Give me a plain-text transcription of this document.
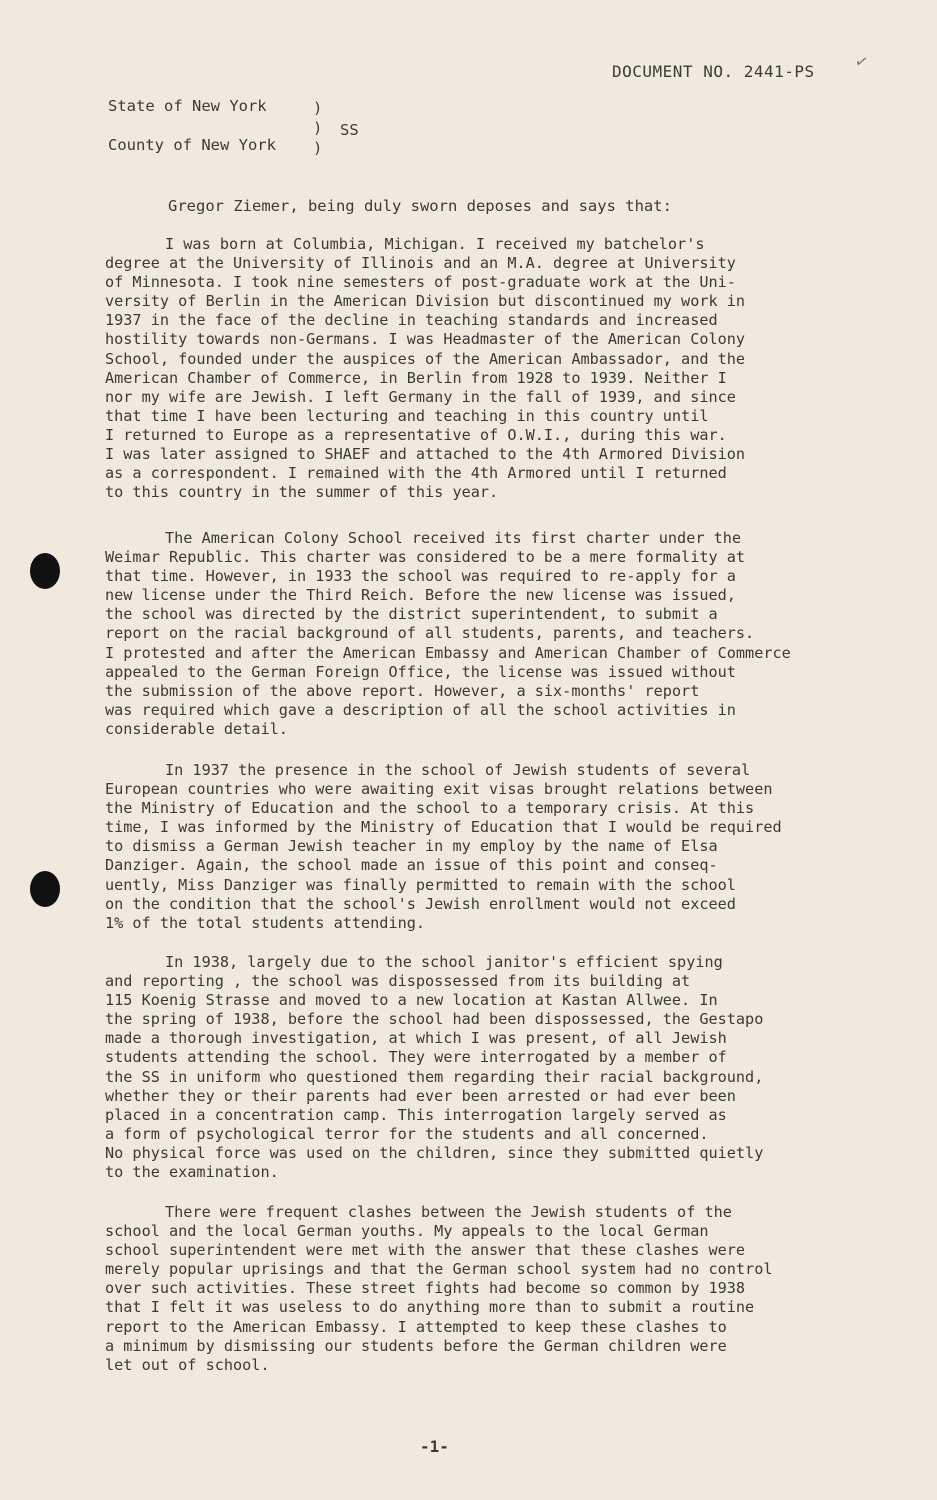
DOCUMENT NO. 2441-PS ✓
State of New York
County of New York
)
)
)
SS
Gregor Ziemer, being duly sworn deposes and says that:
I was born at Columbia, Michigan. I received my batchelor's
degree at the University of Illinois and an M.A. degree at University
of Minnesota. I took nine semesters of post-graduate work at the Uni-
versity of Berlin in the American Division but discontinued my work in
1937 in the face of the decline in teaching standards and increased
hostility towards non-Germans. I was Headmaster of the American Colony
School, founded under the auspices of the American Ambassador, and the
American Chamber of Commerce, in Berlin from 1928 to 1939. Neither I
nor my wife are Jewish. I left Germany in the fall of 1939, and since
that time I have been lecturing and teaching in this country until
I returned to Europe as a representative of O.W.I., during this war.
I was later assigned to SHAEF and attached to the 4th Armored Division
as a correspondent. I remained with the 4th Armored until I returned
to this country in the summer of this year.
The American Colony School received its first charter under the
Weimar Republic. This charter was considered to be a mere formality at
that time. However, in 1933 the school was required to re-apply for a
new license under the Third Reich. Before the new license was issued,
the school was directed by the district superintendent, to submit a
report on the racial background of all students, parents, and teachers.
I protested and after the American Embassy and American Chamber of Commerce
appealed to the German Foreign Office, the license was issued without
the submission of the above report. However, a six-months' report
was required which gave a description of all the school activities in
considerable detail.
In 1937 the presence in the school of Jewish students of several
European countries who were awaiting exit visas brought relations between
the Ministry of Education and the school to a temporary crisis. At this
time, I was informed by the Ministry of Education that I would be required
to dismiss a German Jewish teacher in my employ by the name of Elsa
Danziger. Again, the school made an issue of this point and conseq-
uently, Miss Danziger was finally permitted to remain with the school
on the condition that the school's Jewish enrollment would not exceed
1% of the total students attending.
In 1938, largely due to the school janitor's efficient spying
and reporting , the school was dispossessed from its building at
115 Koenig Strasse and moved to a new location at Kastan Allwee. In
the spring of 1938, before the school had been dispossessed, the Gestapo
made a thorough investigation, at which I was present, of all Jewish
students attending the school. They were interrogated by a member of
the SS in uniform who questioned them regarding their racial background,
whether they or their parents had ever been arrested or had ever been
placed in a concentration camp. This interrogation largely served as
a form of psychological terror for the students and all concerned.
No physical force was used on the children, since they submitted quietly
to the examination.
There were frequent clashes between the Jewish students of the
school and the local German youths. My appeals to the local German
school superintendent were met with the answer that these clashes were
merely popular uprisings and that the German school system had no control
over such activities. These street fights had become so common by 1938
that I felt it was useless to do anything more than to submit a routine
report to the American Embassy. I attempted to keep these clashes to
a minimum by dismissing our students before the German children were
let out of school.
-1-
